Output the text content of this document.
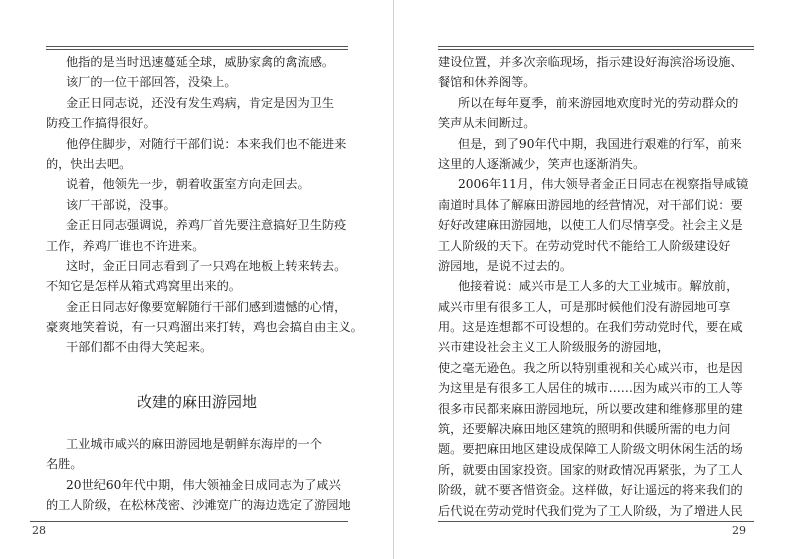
他指的是当时迅速蔓延全球，威胁家禽的禽流感。
该厂的一位干部回答，没染上。
金正日同志说，还没有发生鸡病，肯定是因为卫生
防疫工作搞得很好。
他停住脚步，对随行干部们说：本来我们也不能进来
的，快出去吧。
说着，他领先一步，朝着收蛋室方向走回去。
该厂干部说，没事。
金正日同志强调说，养鸡厂首先要注意搞好卫生防疫
工作，养鸡厂谁也不许进来。
这时，金正日同志看到了一只鸡在地板上转来转去。
不知它是怎样从箱式鸡窝里出来的。
金正日同志好像要宽解随行干部们感到遗憾的心情，
豪爽地笑着说，有一只鸡溜出来打转，鸡也会搞自由主义。
干部们都不由得大笑起来。
改建的麻田游园地
工业城市咸兴的麻田游园地是朝鲜东海岸的一个
名胜。
20世纪60年代中期，伟大领袖金日成同志为了咸兴
的工人阶级，在松林茂密、沙滩宽广的海边选定了游园地
28
建设位置，并多次亲临现场，指示建设好海滨浴场设施、
餐馆和休养阁等。
所以在每年夏季，前来游园地欢度时光的劳动群众的
笑声从未间断过。
但是，到了90年代中期，我国进行艰难的行军，前来
这里的人逐渐减少，笑声也逐渐消失。
2006年11月，伟大领导者金正日同志在视察指导咸镜
南道时具体了解麻田游园地的经营情况，对干部们说：要
好好改建麻田游园地，以使工人们尽情享受。社会主义是
工人阶级的天下。在劳动党时代不能给工人阶级建设好
游园地，是说不过去的。
他接着说：咸兴市是工人多的大工业城市。解放前，
咸兴市里有很多工人，可是那时候他们没有游园地可享
用。这是连想都不可设想的。在我们劳动党时代，要在咸
兴市建设社会主义工人阶级服务的游园地，
使之毫无逊色。我之所以特别重视和关心咸兴市，也是因
为这里是有很多工人居住的城市……因为咸兴市的工人等
很多市民都来麻田游园地玩，所以要改建和维修那里的建
筑，还要解决麻田地区建筑的照明和供暖所需的电力问
题。要把麻田地区建设成保障工人阶级文明休闲生活的场
所，就要由国家投资。国家的财政情况再紧张，为了工人
阶级，就不要吝惜资金。这样做，好让遥远的将来我们的
后代说在劳动党时代我们党为了工人阶级，为了增进人民
29
